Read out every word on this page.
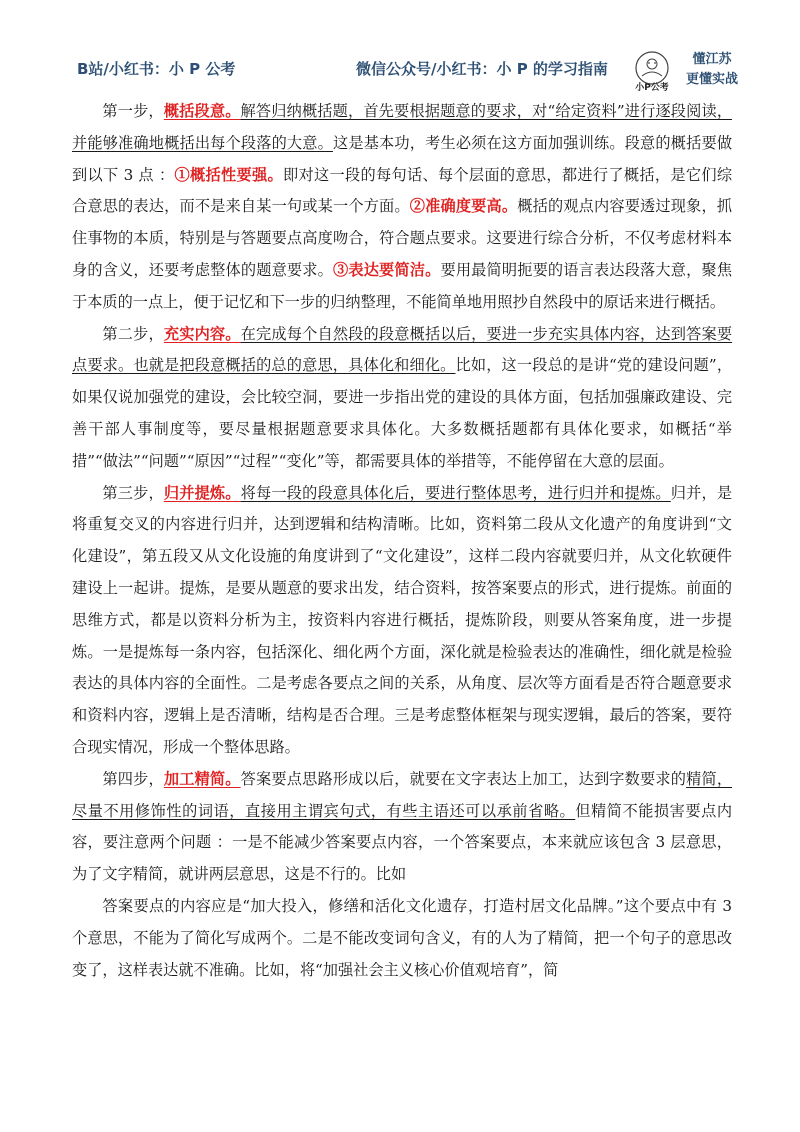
B站/小红书：小 P 公考	微信公众号/小红书：小 P 的学习指南
小P公考
懂江苏
更懂实战

第一步，概括段意。解答归纳概括题，首先要根据题意的要求，对“给定资料”进行逐段阅读，并能够准确地概括出每个段落的大意。这是基本功，考生必须在这方面加强训练。段意的概括要做到以下 3 点 ：①概括性要强。即对这一段的每句话、每个层面的意思，都进行了概括，是它们综合意思的表达，而不是来自某一句或某一个方面。②准确度要高。概括的观点内容要透过现象，抓住事物的本质，特别是与答题要点高度吻合，符合题点要求。这要进行综合分析，不仅考虑材料本身的含义，还要考虑整体的题意要求。③表达要简洁。要用最简明扼要的语言表达段落大意，聚焦于本质的一点上，便于记忆和下一步的归纳整理，不能简单地用照抄自然段中的原话来进行概括。

第二步，充实内容。在完成每个自然段的段意概括以后，要进一步充实具体内容，达到答案要点要求。也就是把段意概括的总的意思，具体化和细化。比如，这一段总的是讲“党的建设问题”，如果仅说加强党的建设，会比较空洞，要进一步指出党的建设的具体方面，包括加强廉政建设、完善干部人事制度等，要尽量根据题意要求具体化。大多数概括题都有具体化要求，如概括“举措”“做法”“问题”“原因”“过程”“变化”等，都需要具体的举措等，不能停留在大意的层面。

第三步，归并提炼。将每一段的段意具体化后，要进行整体思考，进行归并和提炼。归并，是将重复交叉的内容进行归并，达到逻辑和结构清晰。比如，资料第二段从文化遗产的角度讲到“文化建设”，第五段又从文化设施的角度讲到了“文化建设”，这样二段内容就要归并，从文化软硬件建设上一起讲。提炼，是要从题意的要求出发，结合资料，按答案要点的形式，进行提炼。前面的思维方式，都是以资料分析为主，按资料内容进行概括，提炼阶段，则要从答案角度，进一步提炼。一是提炼每一条内容，包括深化、细化两个方面，深化就是检验表达的准确性，细化就是检验表达的具体内容的全面性。二是考虑各要点之间的关系，从角度、层次等方面看是否符合题意要求和资料内容，逻辑上是否清晰，结构是否合理。三是考虑整体框架与现实逻辑，最后的答案，要符合现实情况，形成一个整体思路。

第四步，加工精简。答案要点思路形成以后，就要在文字表达上加工，达到字数要求的精简，尽量不用修饰性的词语，直接用主谓宾句式，有些主语还可以承前省略。但精简不能损害要点内容，要注意两个问题 ：一是不能减少答案要点内容，一个答案要点，本来就应该包含 3 层意思，为了文字精简，就讲两层意思，这是不行的。比如

答案要点的内容应是“加大投入，修缮和活化文化遗存，打造村居文化品牌。”这个要点中有 3 个意思，不能为了简化写成两个。二是不能改变词句含义，有的人为了精简，把一个句子的意思改变了，这样表达就不准确。比如，将“加强社会主义核心价值观培育”，简
